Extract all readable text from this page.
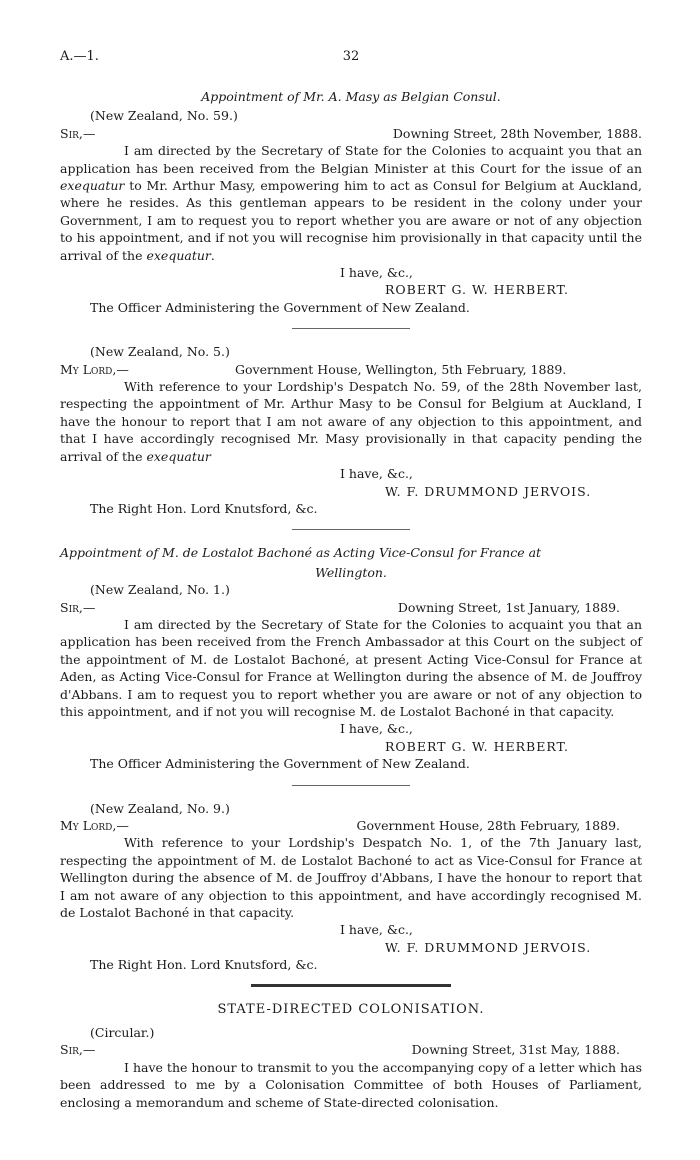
A.—1.	32
Appointment of Mr. A. Masy as Belgian Consul.
(New Zealand, No. 59.)
Sir,—	Downing Street, 28th November, 1888.
I am directed by the Secretary of State for the Colonies to acquaint you that an application has been received from the Belgian Minister at this Court for the issue of an exequatur to Mr. Arthur Masy, empowering him to act as Consul for Belgium at Auckland, where he resides. As this gentleman appears to be resident in the colony under your Government, I am to request you to report whether you are aware or not of any objection to his appointment, and if not you will recognise him provisionally in that capacity until the arrival of the exequatur.
I have, &c.,
ROBERT G. W. HERBERT.
The Officer Administering the Government of New Zealand.
(New Zealand, No. 5.)
My Lord,—	Government House, Wellington, 5th February, 1889.
With reference to your Lordship's Despatch No. 59, of the 28th November last, respecting the appointment of Mr. Arthur Masy to be Consul for Belgium at Auckland, I have the honour to report that I am not aware of any objection to this appointment, and that I have accordingly recognised Mr. Masy provisionally in that capacity pending the arrival of the exequatur
I have, &c.,
W. F. DRUMMOND JERVOIS.
The Right Hon. Lord Knutsford, &c.
Appointment of M. de Lostalot Bachoné as Acting Vice-Consul for France at
Wellington.
(New Zealand, No. 1.)
Sir,—	Downing Street, 1st January, 1889.
I am directed by the Secretary of State for the Colonies to acquaint you that an application has been received from the French Ambassador at this Court on the subject of the appointment of M. de Lostalot Bachoné, at present Acting Vice-Consul for France at Aden, as Acting Vice-Consul for France at Wellington during the absence of M. de Jouffroy d'Abbans. I am to request you to report whether you are aware or not of any objection to this appointment, and if not you will recognise M. de Lostalot Bachoné in that capacity.
I have, &c.,
ROBERT G. W. HERBERT.
The Officer Administering the Government of New Zealand.
(New Zealand, No. 9.)
My Lord,—	Government House, 28th February, 1889.
With reference to your Lordship's Despatch No. 1, of the 7th January last, respecting the appointment of M. de Lostalot Bachoné to act as Vice-Consul for France at Wellington during the absence of M. de Jouffroy d'Abbans, I have the honour to report that I am not aware of any objection to this appointment, and have accordingly recognised M. de Lostalot Bachoné in that capacity.
I have, &c.,
W. F. DRUMMOND JERVOIS.
The Right Hon. Lord Knutsford, &c.
STATE-DIRECTED COLONISATION.
(Circular.)
Sir,—	Downing Street, 31st May, 1888.
I have the honour to transmit to you the accompanying copy of a letter which has been addressed to me by a Colonisation Committee of both Houses of Parliament, enclosing a memorandum and scheme of State-directed colonisation.
